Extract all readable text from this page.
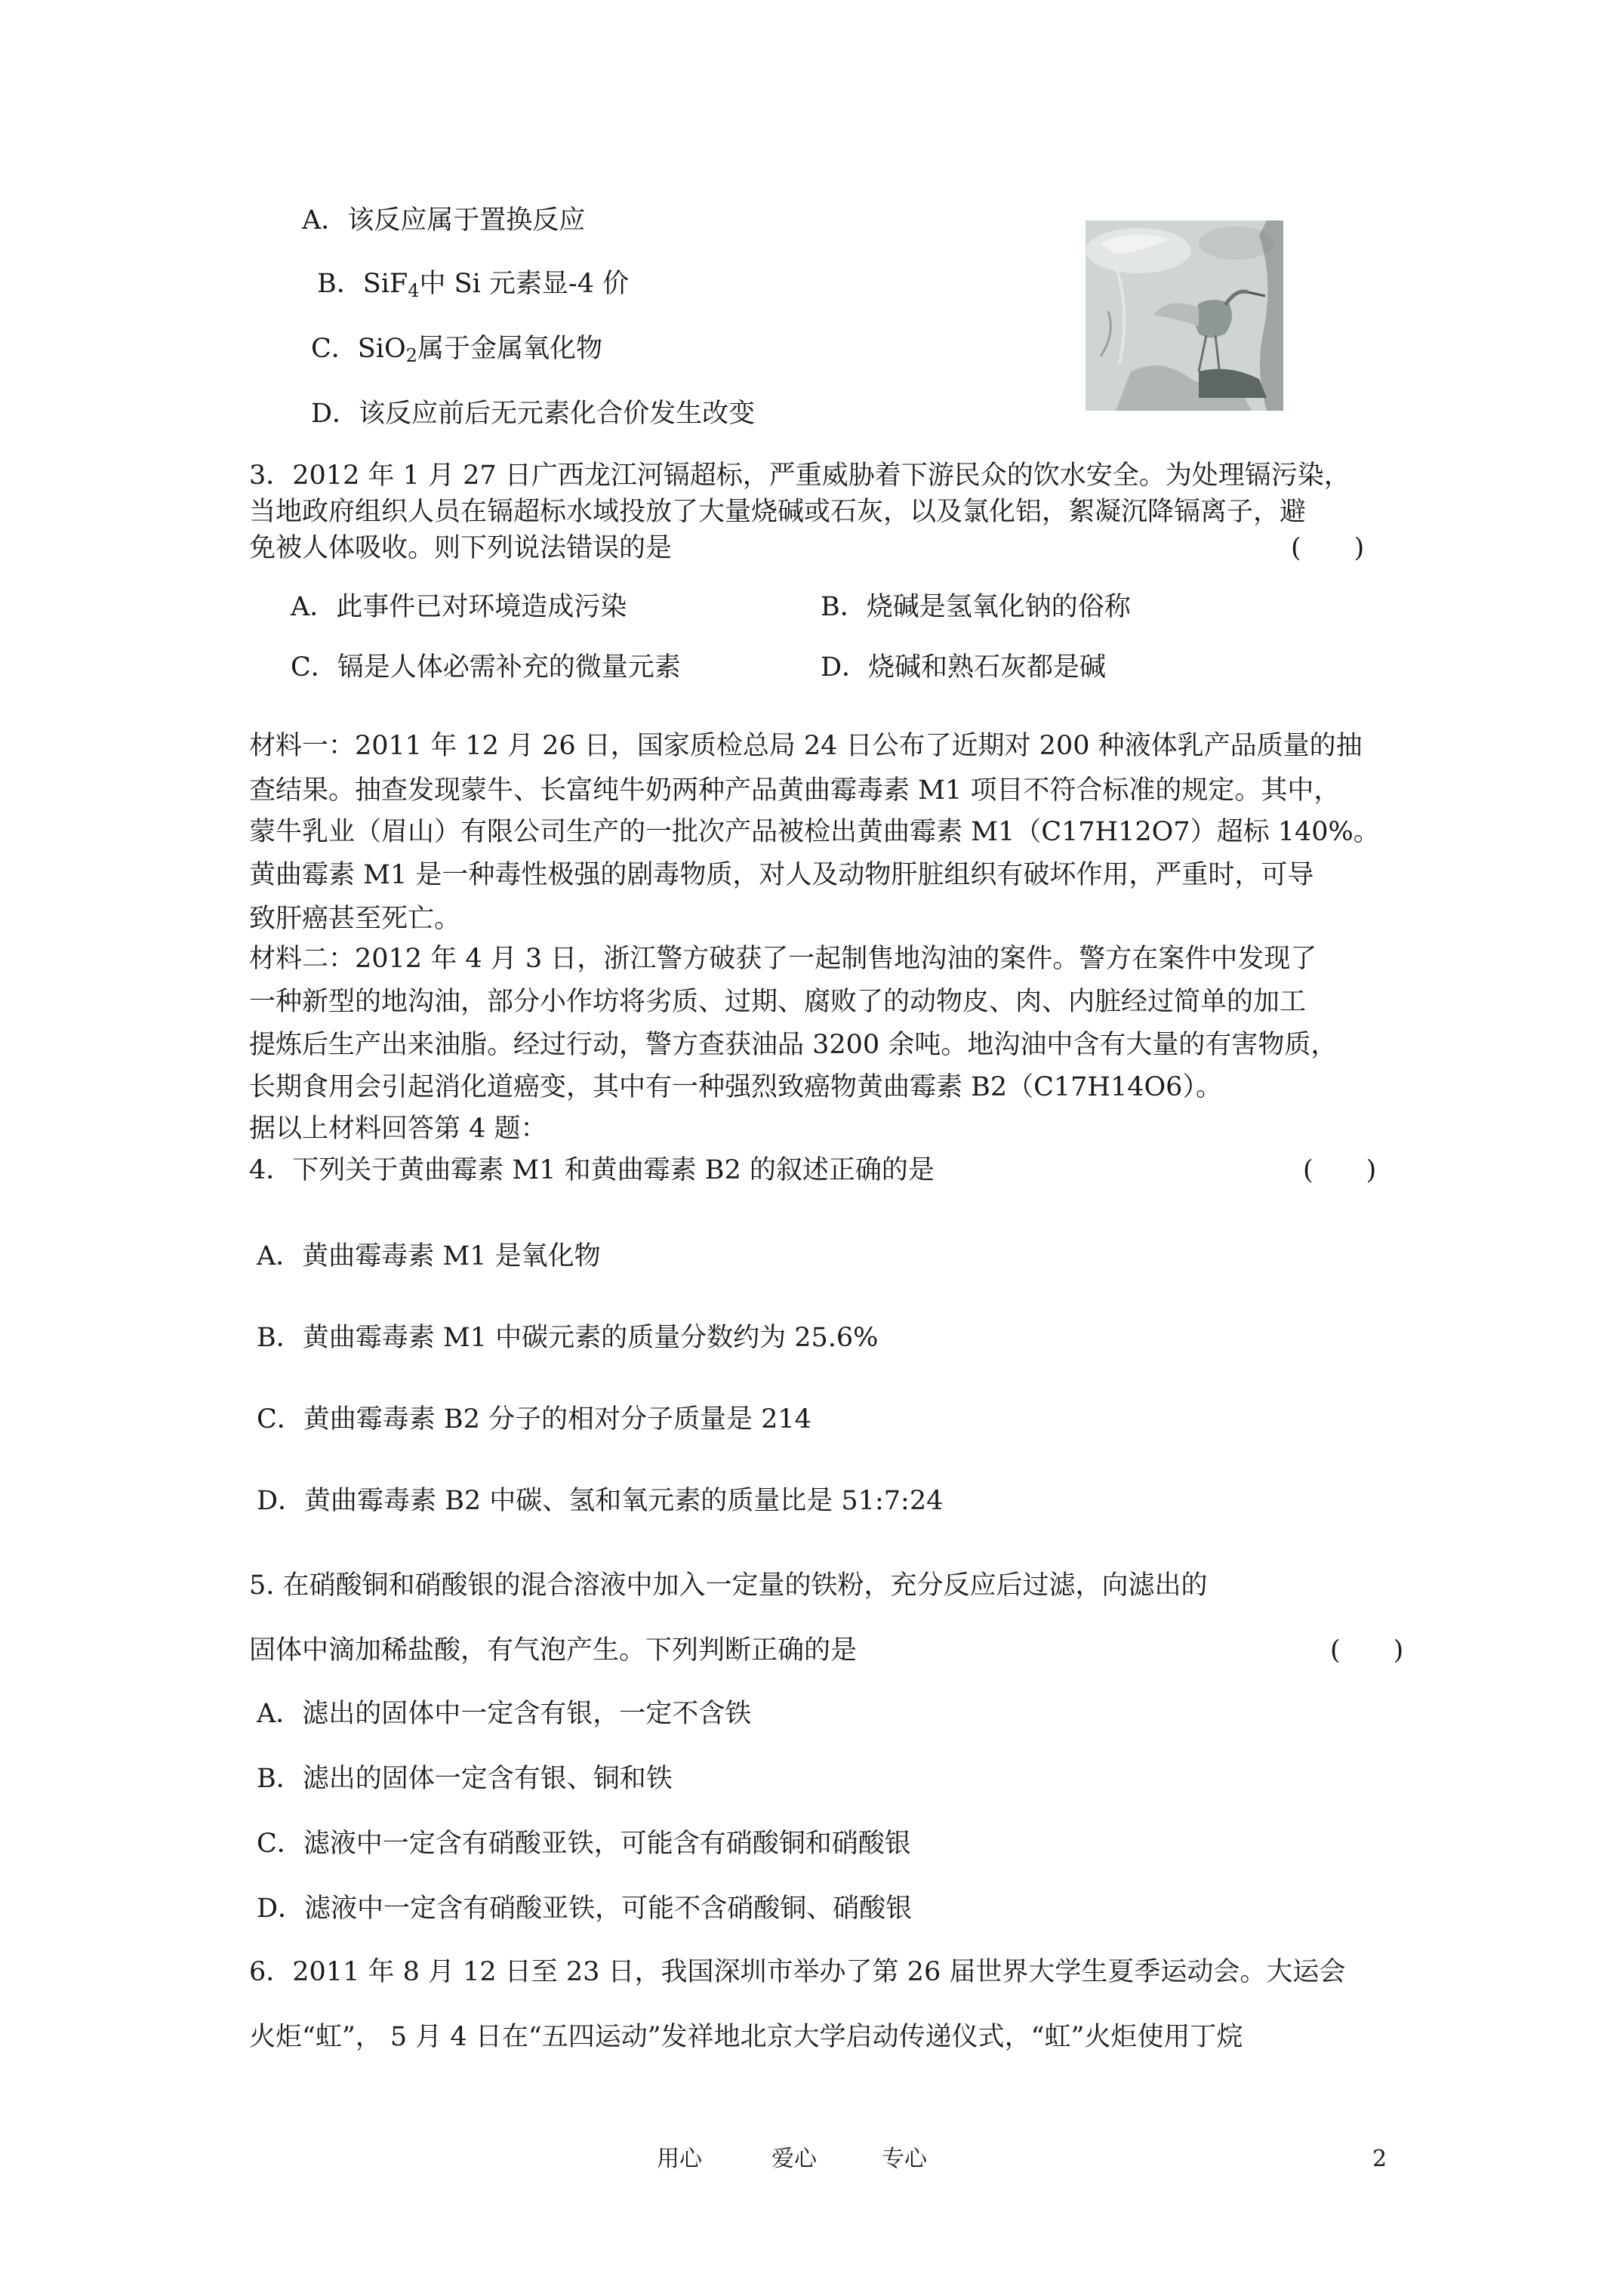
A．该反应属于置换反应
B．SiF$_4$中 Si 元素显-4 价
C．SiO$_2$属于金属氧化物
D．该反应前后无元素化合价发生改变
3．2012 年 1 月 27 日广西龙江河镉超标，严重威胁着下游民众的饮水安全。为处理镉污染，
当地政府组织人员在镉超标水域投放了大量烧碱或石灰，以及氯化铝，絮凝沉降镉离子，避
免被人体吸收。则下列说法错误的是	(　　)
A．此事件已对环境造成污染	B．烧碱是氢氧化钠的俗称
C．镉是人体必需补充的微量元素	D．烧碱和熟石灰都是碱
材料一：2011 年 12 月 26 日，国家质检总局 24 日公布了近期对 200 种液体乳产品质量的抽
查结果。抽查发现蒙牛、长富纯牛奶两种产品黄曲霉毒素 M1 项目不符合标准的规定。其中，
蒙牛乳业（眉山）有限公司生产的一批次产品被检出黄曲霉素 M1（C17H12O7）超标 140%。
黄曲霉素 M1 是一种毒性极强的剧毒物质，对人及动物肝脏组织有破坏作用，严重时，可导
致肝癌甚至死亡。
材料二：2012 年 4 月 3 日，浙江警方破获了一起制售地沟油的案件。警方在案件中发现了
一种新型的地沟油，部分小作坊将劣质、过期、腐败了的动物皮、肉、内脏经过简单的加工
提炼后生产出来油脂。经过行动，警方查获油品 3200 余吨。地沟油中含有大量的有害物质，
长期食用会引起消化道癌变，其中有一种强烈致癌物黄曲霉素 B2（C17H14O6）。
据以上材料回答第 4 题：
4．下列关于黄曲霉素 M1 和黄曲霉素 B2 的叙述正确的是	(　　)
A．黄曲霉毒素 M1 是氧化物
B．黄曲霉毒素 M1 中碳元素的质量分数约为 25.6%
C．黄曲霉毒素 B2 分子的相对分子质量是 214
D．黄曲霉毒素 B2 中碳、氢和氧元素的质量比是 51:7:24
5. 在硝酸铜和硝酸银的混合溶液中加入一定量的铁粉，充分反应后过滤，向滤出的
固体中滴加稀盐酸，有气泡产生。下列判断正确的是	(　　)
A．滤出的固体中一定含有银，一定不含铁
B．滤出的固体一定含有银、铜和铁
C．滤液中一定含有硝酸亚铁，可能含有硝酸铜和硝酸银
D．滤液中一定含有硝酸亚铁，可能不含硝酸铜、硝酸银
6．2011 年 8 月 12 日至 23 日，我国深圳市举办了第 26 届世界大学生夏季运动会。大运会
火炬“虹”， 5 月 4 日在“五四运动”发祥地北京大学启动传递仪式，“虹”火炬使用丁烷
用心	爱心	专心	2
